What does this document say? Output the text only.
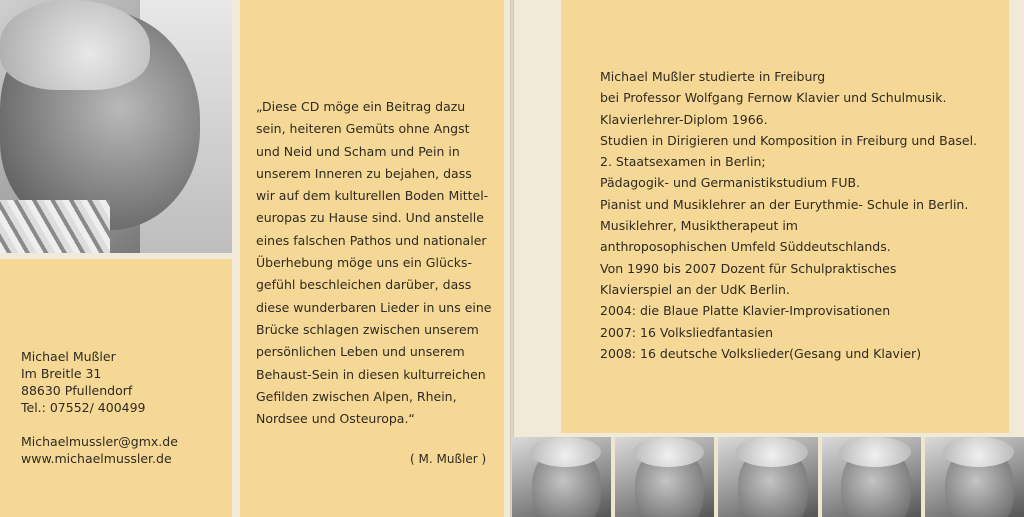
Michael Mußler
Im Breitle 31
88630 Pfullendorf
Tel.: 07552/ 400499
Michaelmussler@gmx.de
www.michaelmussler.de
„Diese CD möge ein Beitrag dazu
sein, heiteren Gemüts ohne Angst
und Neid und Scham und Pein in
unserem Inneren zu bejahen, dass
wir auf dem kulturellen Boden Mittel-
europas zu Hause sind. Und anstelle
eines falschen Pathos und nationaler
Überhebung möge uns ein Glücks-
gefühl beschleichen darüber, dass
diese wunderbaren Lieder in uns eine
Brücke schlagen zwischen unserem
persönlichen Leben und unserem
Behaust-Sein in diesen kulturreichen
Gefilden zwischen Alpen, Rhein,
Nordsee und Osteuropa.“
( M. Mußler )
Michael Mußler studierte in Freiburg
bei Professor Wolfgang Fernow Klavier und Schulmusik.
Klavierlehrer-Diplom 1966.
Studien in Dirigieren und Komposition in Freiburg und Basel.
2. Staatsexamen in Berlin;
Pädagogik- und Germanistikstudium FUB.
Pianist und Musiklehrer an der Eurythmie- Schule in Berlin.
Musiklehrer, Musiktherapeut im
anthroposophischen Umfeld Süddeutschlands.
Von 1990 bis 2007 Dozent für Schulpraktisches
Klavierspiel an der UdK Berlin.
2004: die Blaue Platte Klavier-Improvisationen
2007: 16 Volksliedfantasien
2008: 16 deutsche Volkslieder(Gesang und Klavier)
